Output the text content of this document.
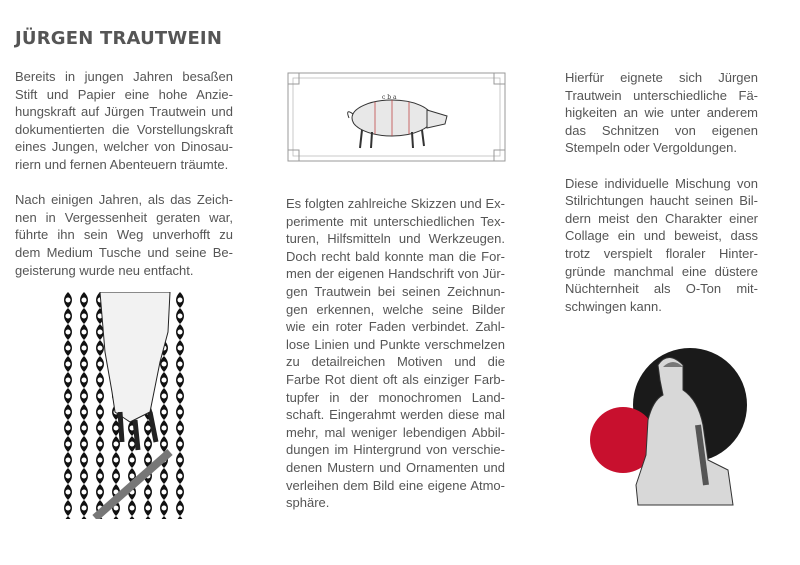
JÜRGEN TRAUTWEIN
Bereits in jungen Jahren besaßen
Stift und Papier eine hohe Anzie-
hungskraft auf Jürgen Trautwein und
dokumentierten die Vorstellungskraft
eines Jungen, welcher von Dinosau-
riern und fernen Abenteuern träumte.
Nach einigen Jahren, als das Zeich-
nen in Vergessenheit geraten war,
führte ihn sein Weg unverhofft zu
dem Medium Tusche und seine Be-
geisterung wurde neu entfacht.
Es folgten zahlreiche Skizzen und Ex-
perimente mit unterschiedlichen Tex-
turen, Hilfsmitteln und Werkzeugen.
Doch recht bald konnte man die For-
men der eigenen Handschrift von Jür-
gen Trautwein bei seinen Zeichnun-
gen erkennen, welche seine Bilder
wie ein roter Faden verbindet. Zahl-
lose Linien und Punkte verschmelzen
zu detailreichen Motiven und die
Farbe Rot dient oft als einziger Farb-
tupfer in der monochromen Land-
schaft. Eingerahmt werden diese mal
mehr, mal weniger lebendigen Abbil-
dungen im Hintergrund von verschie-
denen Mustern und Ornamenten und
verleihen dem Bild eine eigene Atmo-
sphäre.
Hierfür eignete sich Jürgen
Trautwein unterschiedliche Fä-
higkeiten an wie unter anderem
das Schnitzen von eigenen
Stempeln oder Vergoldungen.
Diese individuelle Mischung von
Stilrichtungen haucht seinen Bil-
dern meist den Charakter einer
Collage ein und beweist, dass
trotz verspielt floraler Hinter-
gründe manchmal eine düstere
Nüchternheit als O-Ton mit-
schwingen kann.
c b a
